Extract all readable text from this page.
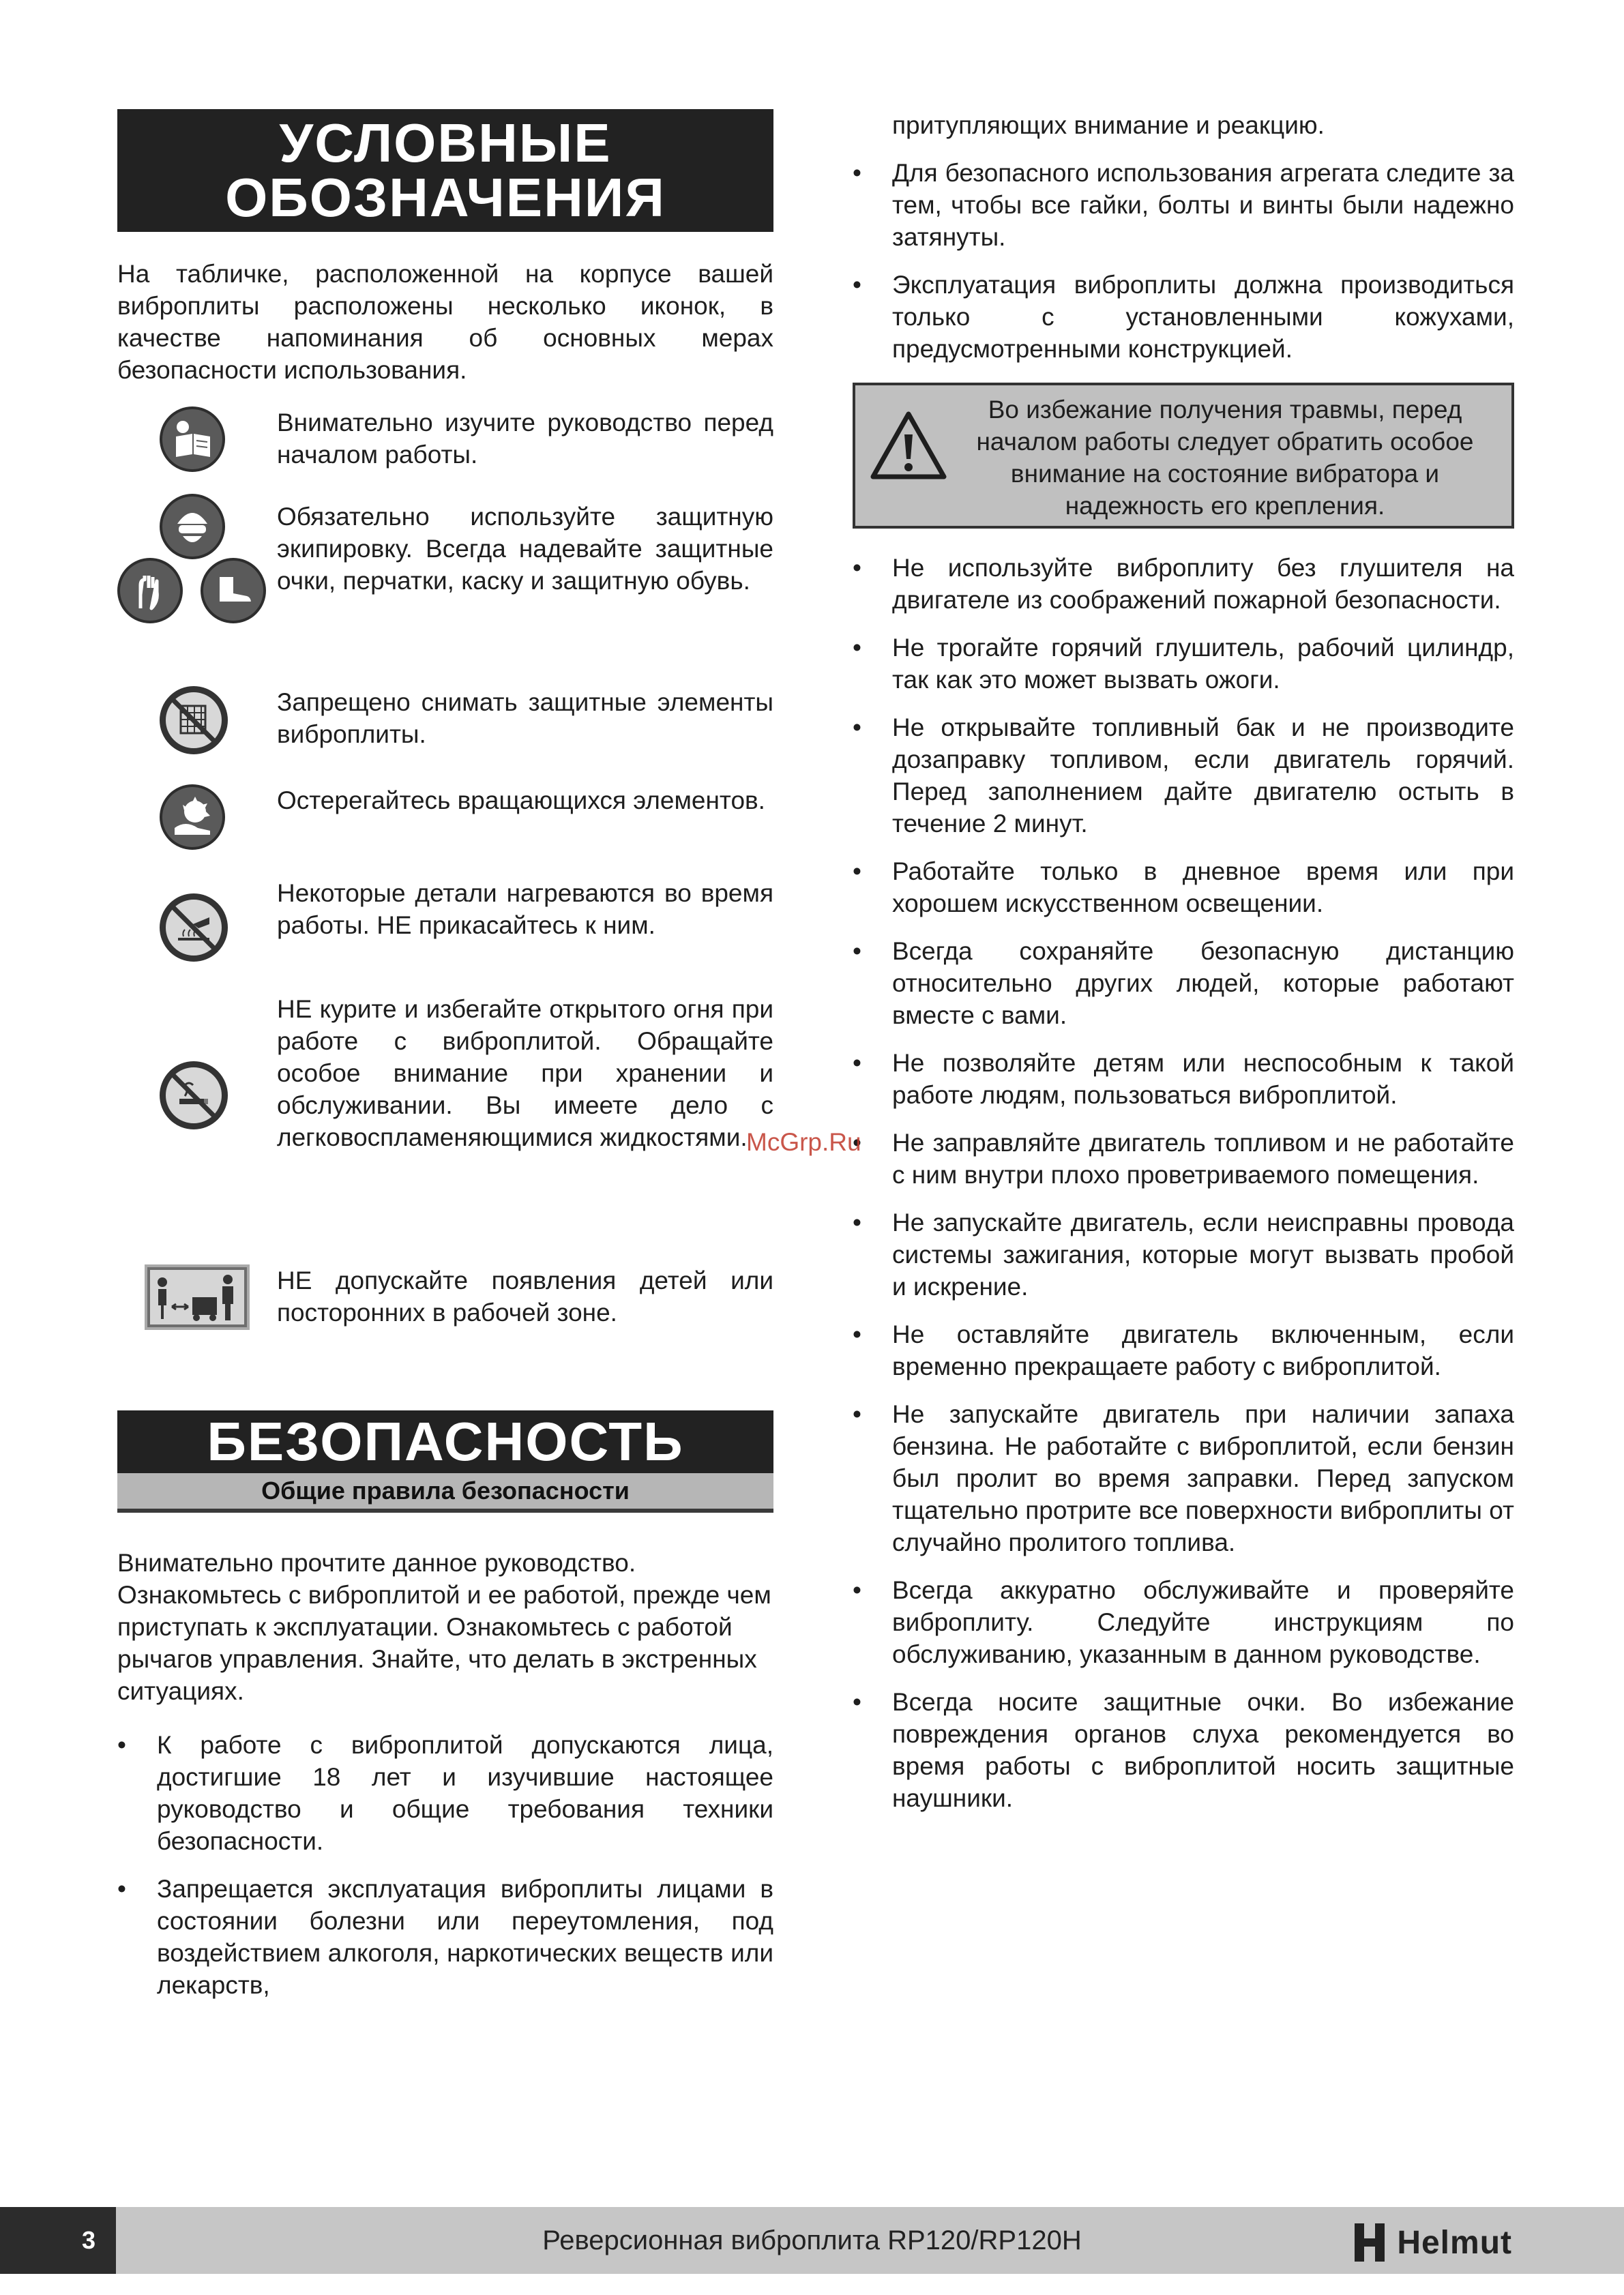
УСЛОВНЫЕ
ОБОЗНАЧЕНИЯ

На табличке, расположенной на корпусе вашей виброплиты расположены несколько иконок, в качестве напоминания об основных мерах безопасности использования.

Внимательно изучите руководство перед началом работы.

Обязательно используйте защитную экипировку. Всегда надевайте защитные очки, перчатки, каску и защитную обувь.

Запрещено снимать защитные элементы виброплиты.

Остерегайтесь вращающихся элементов.

Некоторые детали нагреваются во время работы. НЕ прикасайтесь к ним.

НЕ курите и избегайте открытого огня при работе с виброплитой. Обращайте особое внимание при хранении и обслуживании. Вы имеете дело с легковоспламеняющимися жидкостями.

НЕ допускайте появления детей или посторонних в рабочей зоне.

БЕЗОПАСНОСТЬ
Общие правила безопасности

Внимательно прочтите данное руководство. Ознакомьтесь с виброплитой и ее работой, прежде чем приступать к эксплуатации. Ознакомьтесь с работой рычагов управления. Знайте, что делать в экстренных ситуациях.

• К работе с виброплитой допускаются лица, достигшие 18 лет и изучившие настоящее руководство и общие требования техники безопасности.
• Запрещается эксплуатация виброплиты лицами в состоянии болезни или переутомления, под воздействием алкоголя, наркотических веществ или лекарств,

притупляющих внимание и реакцию.

• Для безопасного использования агрегата следите за тем, чтобы все гайки, болты и винты были надежно затянуты.
• Эксплуатация виброплиты должна производиться только с установленными кожухами, предусмотренными конструкцией.
Во избежание получения травмы, перед началом работы следует обратить особое внимание на состояние вибратора и надежность его крепления.
• Не используйте виброплиту без глушителя на двигателе из соображений пожарной безопасности.
• Не трогайте горячий глушитель, рабочий цилиндр, так как это может вызвать ожоги.
• Не открывайте топливный бак и не производите дозаправку топливом, если двигатель горячий. Перед заполнением дайте двигателю остыть в течение 2 минут.
• Работайте только в дневное время или при хорошем искусственном освещении.
• Всегда сохраняйте безопасную дистанцию относительно других людей, которые работают вместе с вами.
• Не позволяйте детям или неспособным к такой работе людям, пользоваться виброплитой.
• Не заправляйте двигатель топливом и не работайте с ним внутри плохо проветриваемого помещения.
• Не запускайте двигатель, если неисправны провода системы зажигания, которые могут вызвать пробой и искрение.
• Не оставляйте двигатель включенным, если временно прекращаете работу с виброплитой.
• Не запускайте двигатель при наличии запаха бензина. Не работайте с виброплитой, если бензин был пролит во время заправки. Перед запуском тщательно протрите все поверхности виброплиты от случайно пролитого топлива.
• Всегда аккуратно обслуживайте и проверяйте виброплиту. Следуйте инструкциям по обслуживанию, указанным в данном руководстве.
• Всегда носите защитные очки. Во избежание повреждения органов слуха рекомендуется во время работы с виброплитой носить защитные наушники.
McGrp.Ru
3	Реверсионная виброплита RP120/RP120H	Helmut
